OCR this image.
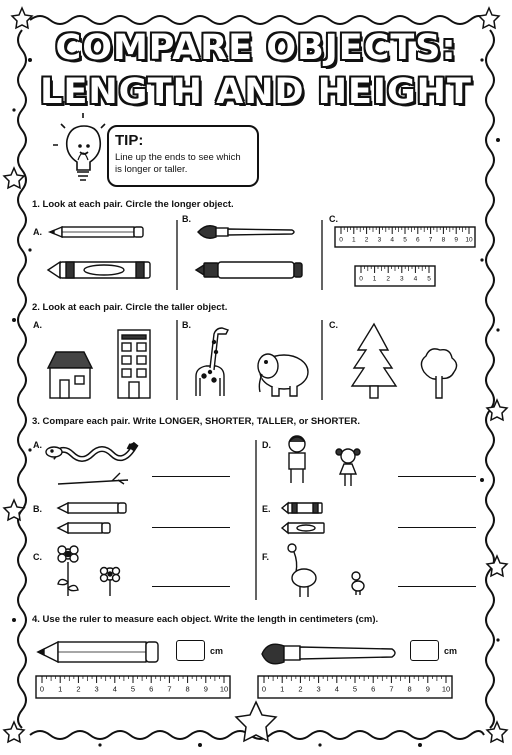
0 1 2 3 4 5 6 7 8 9 10
0 1 2 3 4 5
0 1 2 3 4 5 6 7 8 9 10	0 1 2 3 4 5 6 7 8 9 10
COMPARE OBJECTS:
LENGTH AND HEIGHT
TIP:
Line up the ends to see which is longer or taller.
1. Look at each pair. Circle the longer object.
A.
B.	C.
2. Look at each pair. Circle the taller object.
A.	B.	C.
3. Compare each pair. Write LONGER, SHORTER, TALLER, or SHORTER.
A.
B.
C.
D.
E.
F.
4. Use the ruler to measure each object. Write the length in centimeters (cm).
cm	cm
